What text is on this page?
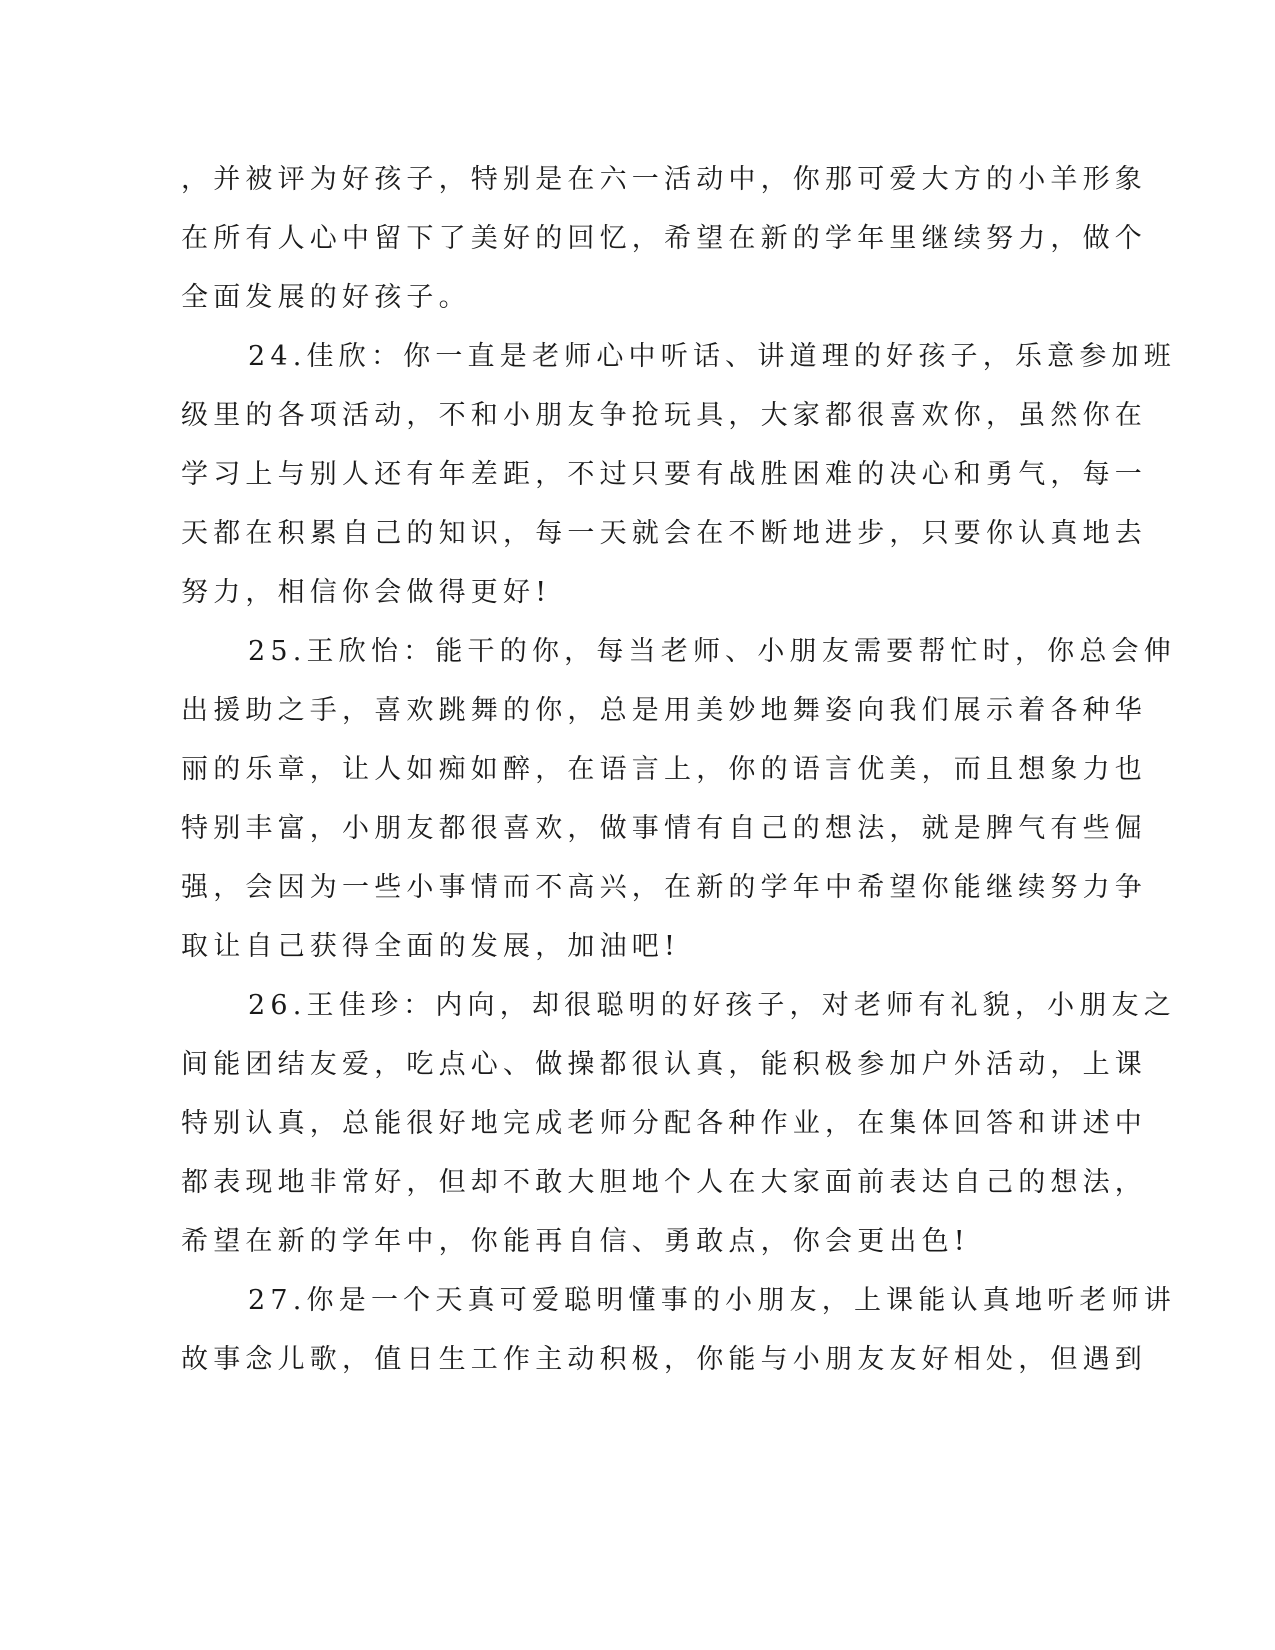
，并被评为好孩子，特别是在六一活动中，你那可爱大方的小羊形象
在所有人心中留下了美好的回忆，希望在新的学年里继续努力，做个
全面发展的好孩子。
24.佳欣：你一直是老师心中听话、讲道理的好孩子，乐意参加班
级里的各项活动，不和小朋友争抢玩具，大家都很喜欢你，虽然你在
学习上与别人还有年差距，不过只要有战胜困难的决心和勇气，每一
天都在积累自己的知识，每一天就会在不断地进步，只要你认真地去
努力，相信你会做得更好!
25.王欣怡：能干的你，每当老师、小朋友需要帮忙时，你总会伸
出援助之手，喜欢跳舞的你，总是用美妙地舞姿向我们展示着各种华
丽的乐章，让人如痴如醉，在语言上，你的语言优美，而且想象力也
特别丰富，小朋友都很喜欢，做事情有自己的想法，就是脾气有些倔
强，会因为一些小事情而不高兴，在新的学年中希望你能继续努力争
取让自己获得全面的发展，加油吧!
26.王佳珍：内向，却很聪明的好孩子，对老师有礼貌，小朋友之
间能团结友爱，吃点心、做操都很认真，能积极参加户外活动，上课
特别认真，总能很好地完成老师分配各种作业，在集体回答和讲述中
都表现地非常好，但却不敢大胆地个人在大家面前表达自己的想法，
希望在新的学年中，你能再自信、勇敢点，你会更出色!
27.你是一个天真可爱聪明懂事的小朋友，上课能认真地听老师讲
故事念儿歌，值日生工作主动积极，你能与小朋友友好相处，但遇到
